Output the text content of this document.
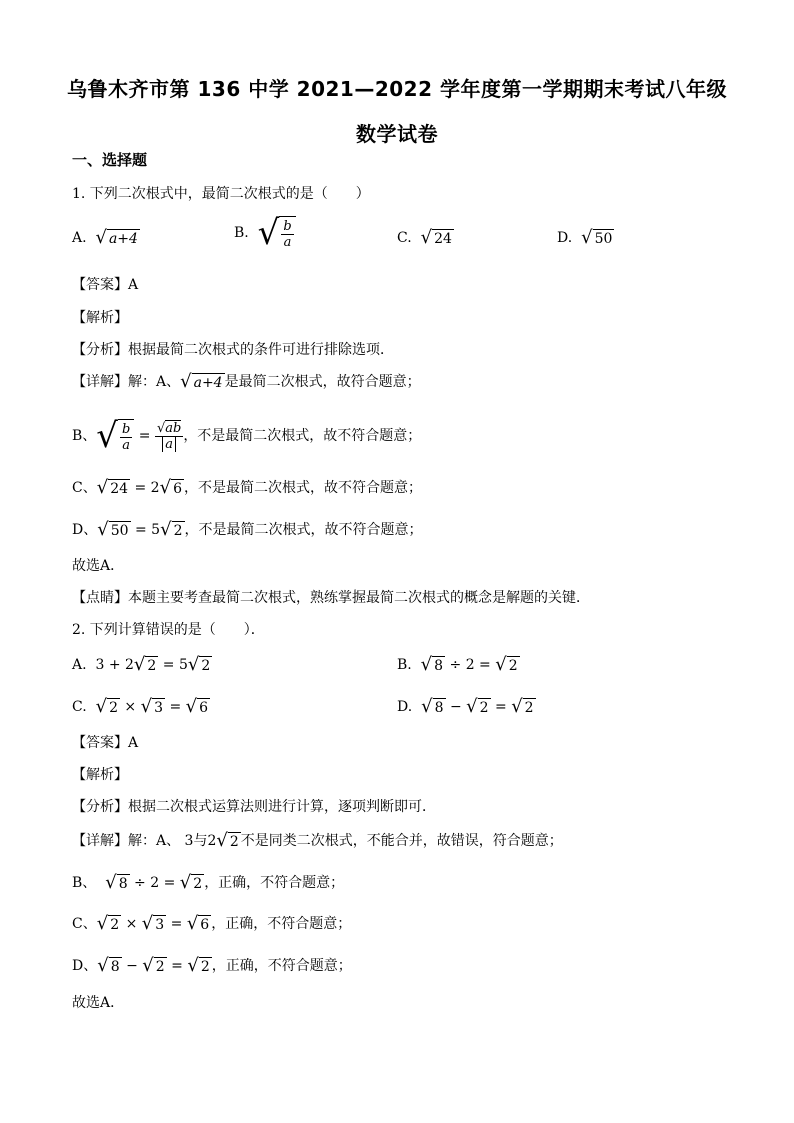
乌鲁木齐市第 136 中学 2021—2022 学年度第一学期期末考试八年级
数学试卷
一、选择题
1. 下列二次根式中，最简二次根式的是（　　）
A. √ a+4	B. √ $\frac{b}{a}$	C. √ 24	D. √ 50
【答案】A
【解析】
【分析】根据最简二次根式的条件可进行排除选项．
【详解】解：A、√ a+4 是最简二次根式，故符合题意；
B、√ $\frac{b}{a} = \frac{√ab}{a}$ ，不是最简二次根式，故不符合题意；
C、√ 24 = 2√ 6 ，不是最简二次根式，故不符合题意；
D、√ 50 = 5√ 2 ，不是最简二次根式，故不符合题意；
故选A．
【点睛】本题主要考查最简二次根式，熟练掌握最简二次根式的概念是解题的关键．
2. 下列计算错误的是（　　）．
A. 3 + 2√ 2 = 5√ 2	B. √ 8 ÷ 2 = √ 2
C. √ 2 × √ 3 = √ 6	D. √ 8 − √ 2 = √ 2
【答案】A
【解析】
【分析】根据二次根式运算法则进行计算，逐项判断即可．
【详解】解：A、 3与2√ 2 不是同类二次根式，不能合并，故错误，符合题意；
B、 √ 8 ÷ 2 = √ 2 ，正确，不符合题意；
C、√ 2 × √ 3 = √ 6 ，正确，不符合题意；
D、√ 8 − √ 2 = √ 2 ，正确，不符合题意；
故选A．
